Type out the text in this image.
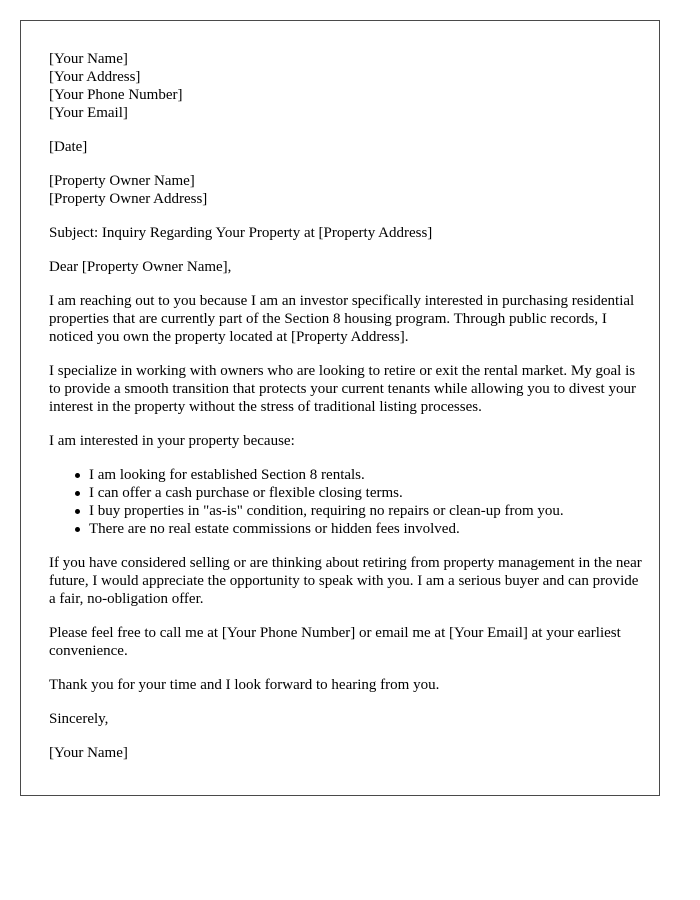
[Your Name]
[Your Address]
[Your Phone Number]
[Your Email]
[Date]
[Property Owner Name]
[Property Owner Address]

Subject: Inquiry Regarding Your Property at [Property Address]

Dear [Property Owner Name],

I am reaching out to you because I am an investor specifically interested in purchasing residential properties that are currently part of the Section 8 housing program. Through public records, I noticed you own the property located at [Property Address].

I specialize in working with owners who are looking to retire or exit the rental market. My goal is to provide a smooth transition that protects your current tenants while allowing you to divest your interest in the property without the stress of traditional listing processes.

I am interested in your property because:

I am looking for established Section 8 rentals.
I can offer a cash purchase or flexible closing terms.
I buy properties in "as-is" condition, requiring no repairs or clean-up from you.
There are no real estate commissions or hidden fees involved.

If you have considered selling or are thinking about retiring from property management in the near future, I would appreciate the opportunity to speak with you. I am a serious buyer and can provide a fair, no-obligation offer.

Please feel free to call me at [Your Phone Number] or email me at [Your Email] at your earliest convenience.

Thank you for your time and I look forward to hearing from you.

Sincerely,

[Your Name]
